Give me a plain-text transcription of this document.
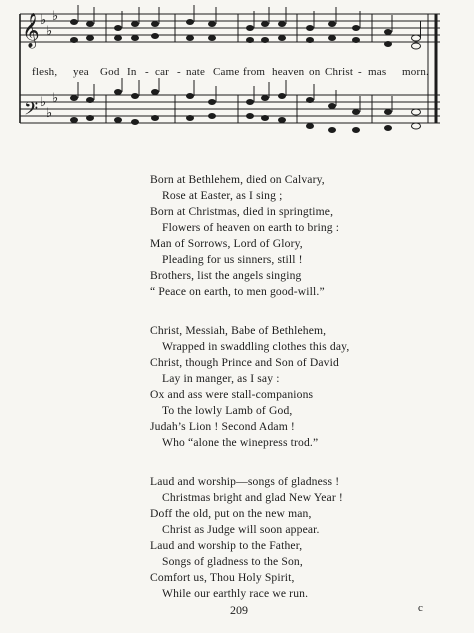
𝄞
𝄢
♭
♭
♭
♭
♭
♭
flesh, yea God In - car - nate Came from heaven on Christ - mas morn.
Born at Bethlehem, died on Calvary,
Rose at Easter, as I sing ;
Born at Christmas, died in springtime,
Flowers of heaven on earth to bring :
Man of Sorrows, Lord of Glory,
Pleading for us sinners, still !
Brothers, list the angels singing
“ Peace on earth, to men good-will.”
Christ, Messiah, Babe of Bethlehem,
Wrapped in swaddling clothes this day,
Christ, though Prince and Son of David
Lay in manger, as I say :
Ox and ass were stall-companions
To the lowly Lamb of God,
Judah’s Lion ! Second Adam !
Who “alone the winepress trod.”
Laud and worship—songs of gladness !
Christmas bright and glad New Year !
Doff the old, put on the new man,
Christ as Judge will soon appear.
Laud and worship to the Father,
Songs of gladness to the Son,
Comfort us, Thou Holy Spirit,
While our earthly race we run.
209	c
